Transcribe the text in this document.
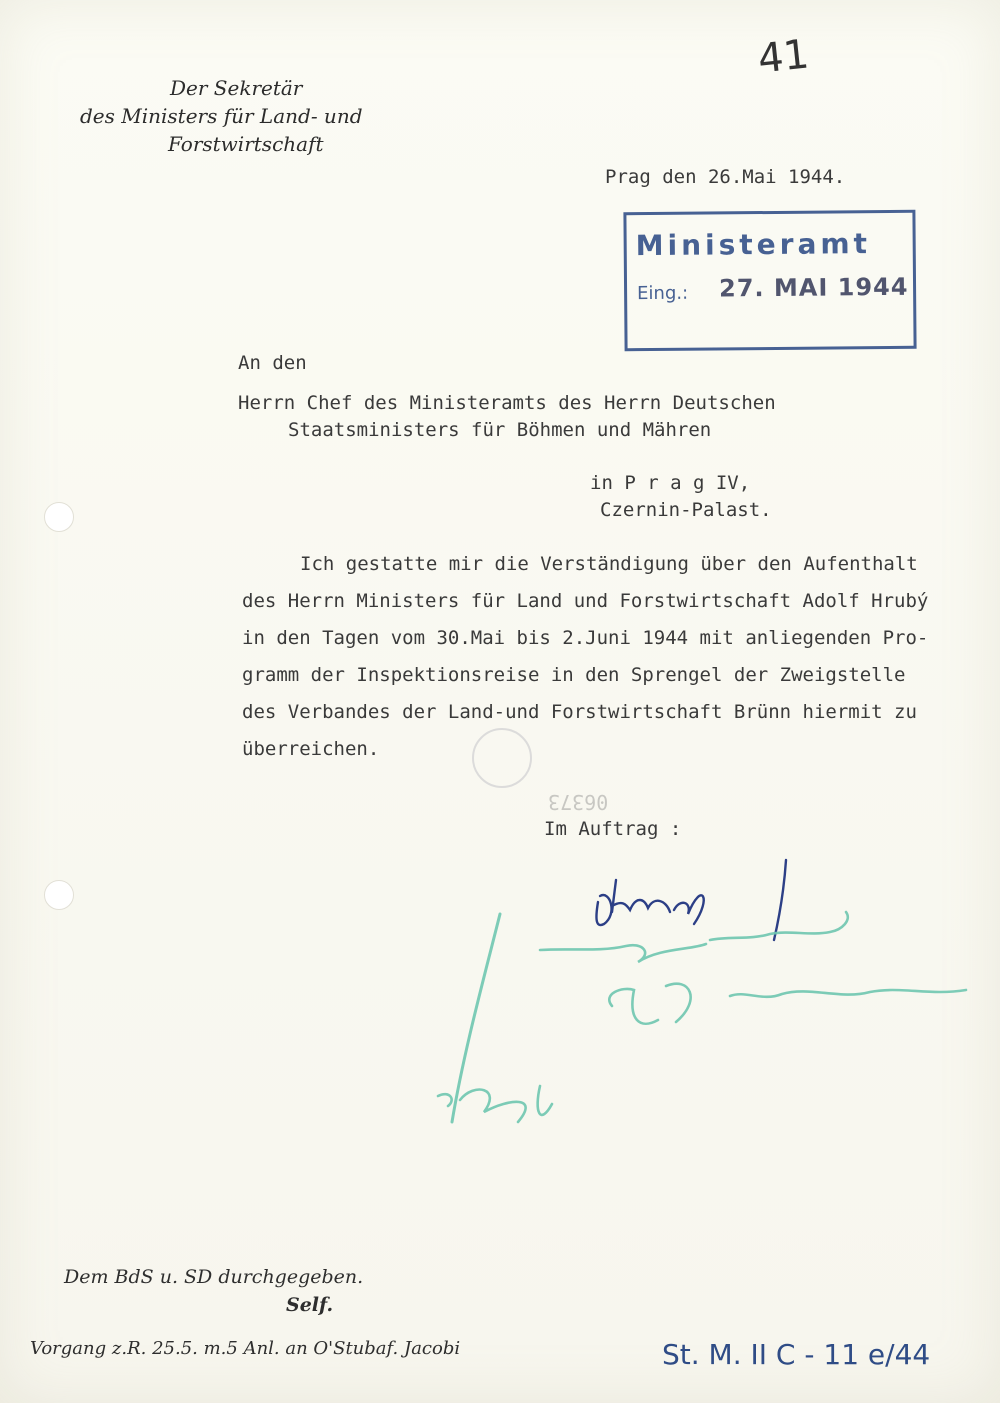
41
Der Sekretär
des Ministers für Land- und
Forstwirtschaft
Prag den 26.Mai 1944.
Ministeramt
Eing.: 27. MAI 1944
An den
Herrn Chef des Ministeramts des Herrn Deutschen
Staatsministers für Böhmen und Mähren
in P r a g IV,
Czernin-Palast.
Ich gestatte mir die Verständigung über den Aufenthalt
des Herrn Ministers für Land und Forstwirtschaft Adolf Hrubý
in den Tagen vom 30.Mai bis 2.Juni 1944 mit anliegenden Pro-
gramm der Inspektionsreise in den Sprengel der Zweigstelle
des Verbandes der Land-und Forstwirtschaft Brünn hiermit zu
überreichen.
06373
Im Auftrag :
Dem BdS u. SD durchgegeben.
Self.
Vorgang z.R. 25.5. m.5 Anl. an O'Stubaf. Jacobi	St. M. II C - 11 e/44
